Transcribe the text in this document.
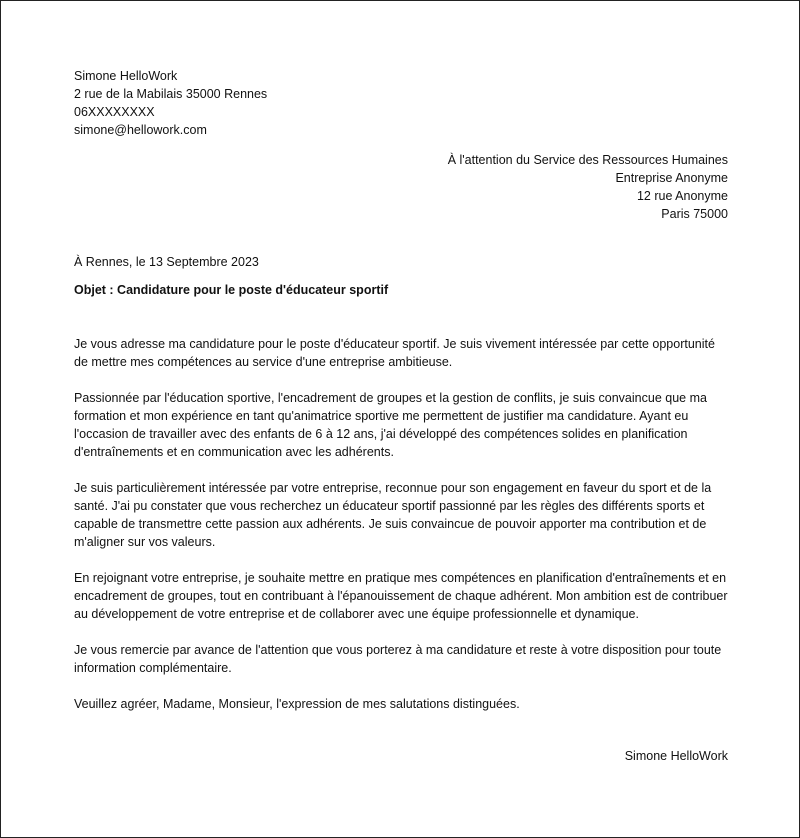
Simone HelloWork
2 rue de la Mabilais 35000 Rennes
06XXXXXXXX
simone@hellowork.com
À l'attention du Service des Ressources Humaines
Entreprise Anonyme
12 rue Anonyme
Paris 75000
À Rennes, le 13 Septembre 2023
Objet : Candidature pour le poste d'éducateur sportif

Je vous adresse ma candidature pour le poste d'éducateur sportif. Je suis vivement intéressée par cette opportunité de mettre mes compétences au service d'une entreprise ambitieuse.

Passionnée par l'éducation sportive, l'encadrement de groupes et la gestion de conflits, je suis convaincue que ma formation et mon expérience en tant qu'animatrice sportive me permettent de justifier ma candidature. Ayant eu l'occasion de travailler avec des enfants de 6 à 12 ans, j'ai développé des compétences solides en planification d'entraînements et en communication avec les adhérents.

Je suis particulièrement intéressée par votre entreprise, reconnue pour son engagement en faveur du sport et de la santé. J'ai pu constater que vous recherchez un éducateur sportif passionné par les règles des différents sports et capable de transmettre cette passion aux adhérents. Je suis convaincue de pouvoir apporter ma contribution et de m'aligner sur vos valeurs.

En rejoignant votre entreprise, je souhaite mettre en pratique mes compétences en planification d'entraînements et en encadrement de groupes, tout en contribuant à l'épanouissement de chaque adhérent. Mon ambition est de contribuer au développement de votre entreprise et de collaborer avec une équipe professionnelle et dynamique.

Je vous remercie par avance de l'attention que vous porterez à ma candidature et reste à votre disposition pour toute information complémentaire.

Veuillez agréer, Madame, Monsieur, l'expression de mes salutations distinguées.

Simone HelloWork
